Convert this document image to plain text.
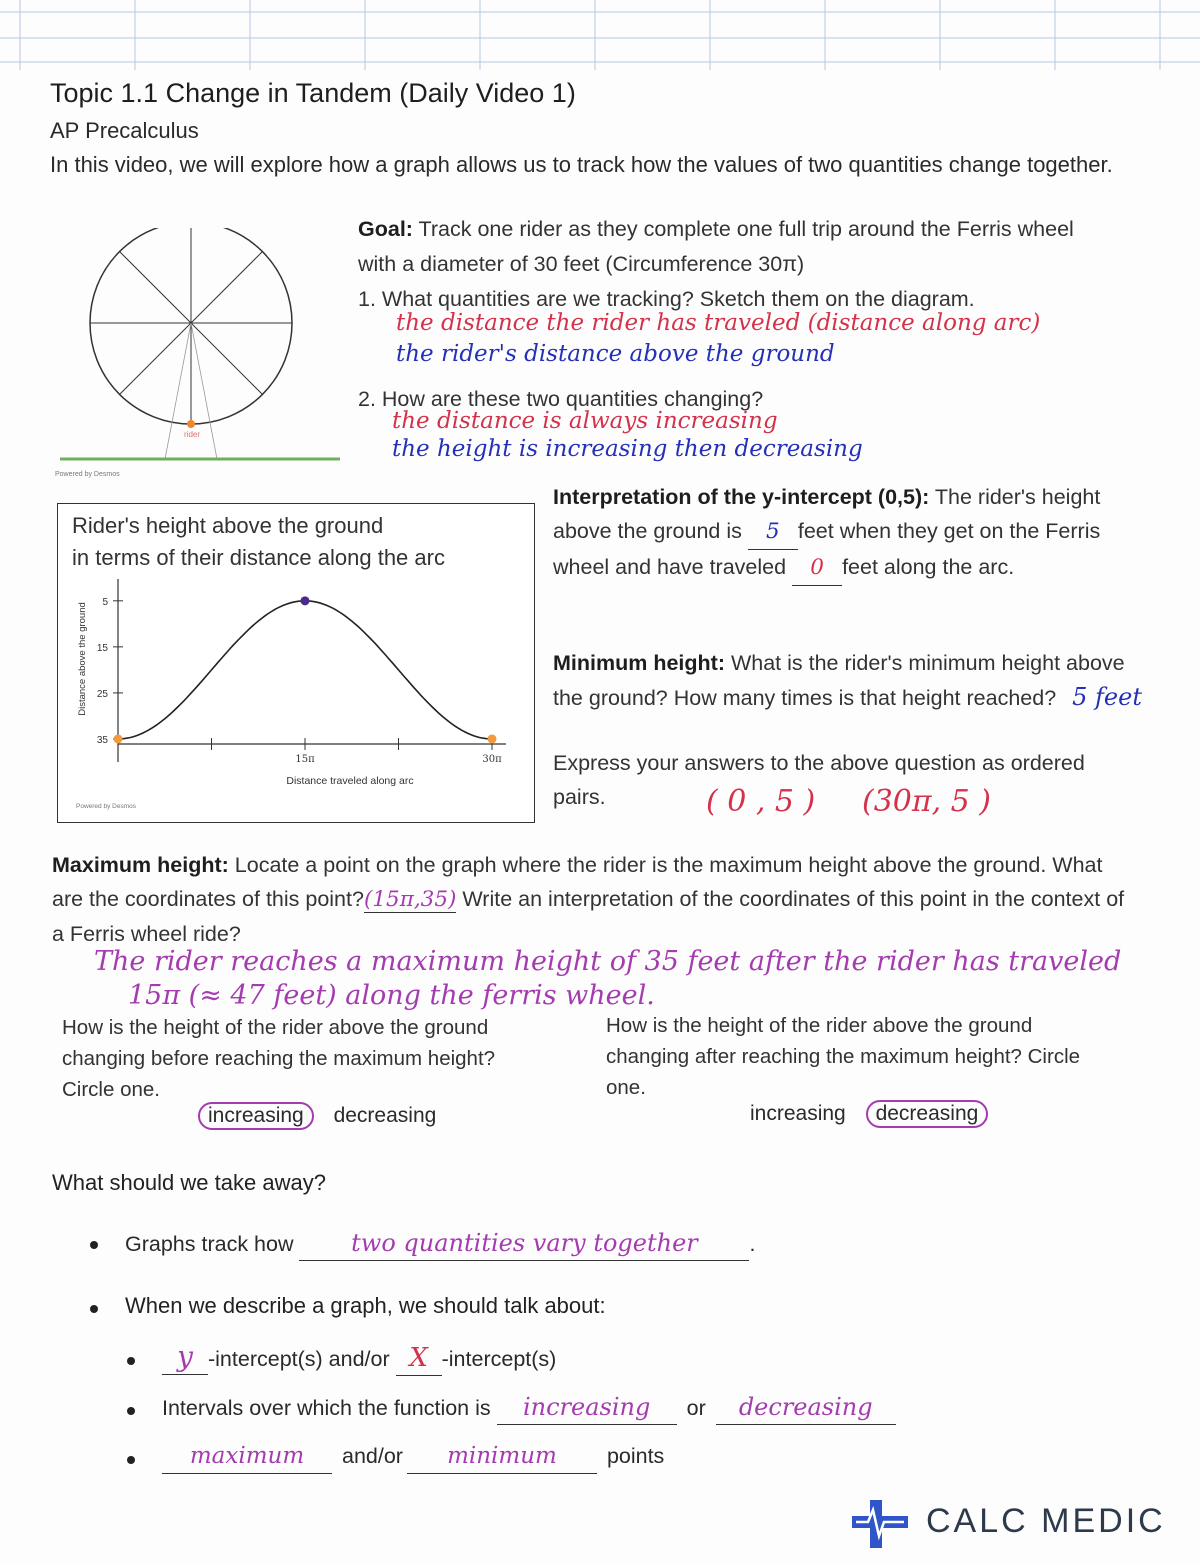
Topic 1.1 Change in Tandem (Daily Video 1)
AP Precalculus
In this video, we will explore how a graph allows us to track how the values of two quantities change together.
rider
Powered by Desmos
Goal: Track one rider as they complete one full trip around the Ferris wheel with a diameter of 30 feet (Circumference 30π)
1. What quantities are we tracking? Sketch them on the diagram.
the distance the rider has traveled (distance along arc)
the rider's distance above the ground
2. How are these two quantities changing?
the distance is always increasing
the height is increasing then decreasing
Rider's height above the ground
in terms of their distance along the arc
35
25
15
5
15π	30π
Distance traveled along arc
Distance above the ground
Powered by Desmos
Interpretation of the y-intercept (0,5): The rider's height above the ground is 5 feet when they get on the Ferris wheel and have traveled 0 feet along the arc.
Minimum height: What is the rider's minimum height above the ground? How many times is that height reached? 5 feet
Express your answers to the above question as ordered pairs.	( 0 , 5 ) (30π, 5 )
Maximum height: Locate a point on the graph where the rider is the maximum height above the ground. What are the coordinates of this point?(15π,35) Write an interpretation of the coordinates of this point in the context of a Ferris wheel ride?
The rider reaches a maximum height of 35 feet after the rider has traveled
15π (≈ 47 feet) along the ferris wheel.
How is the height of the rider above the ground changing before reaching the maximum height? Circle one.
increasing decreasing
How is the height of the rider above the ground changing after reaching the maximum height? Circle one.
increasing decreasing
What should we take away?
Graphs track how two quantities vary together .
When we describe a graph, we should talk about:
y -intercept(s) and/or X -intercept(s)
Intervals over which the function is increasing or decreasing
maximum and/or minimum points
CALC MEDIC
